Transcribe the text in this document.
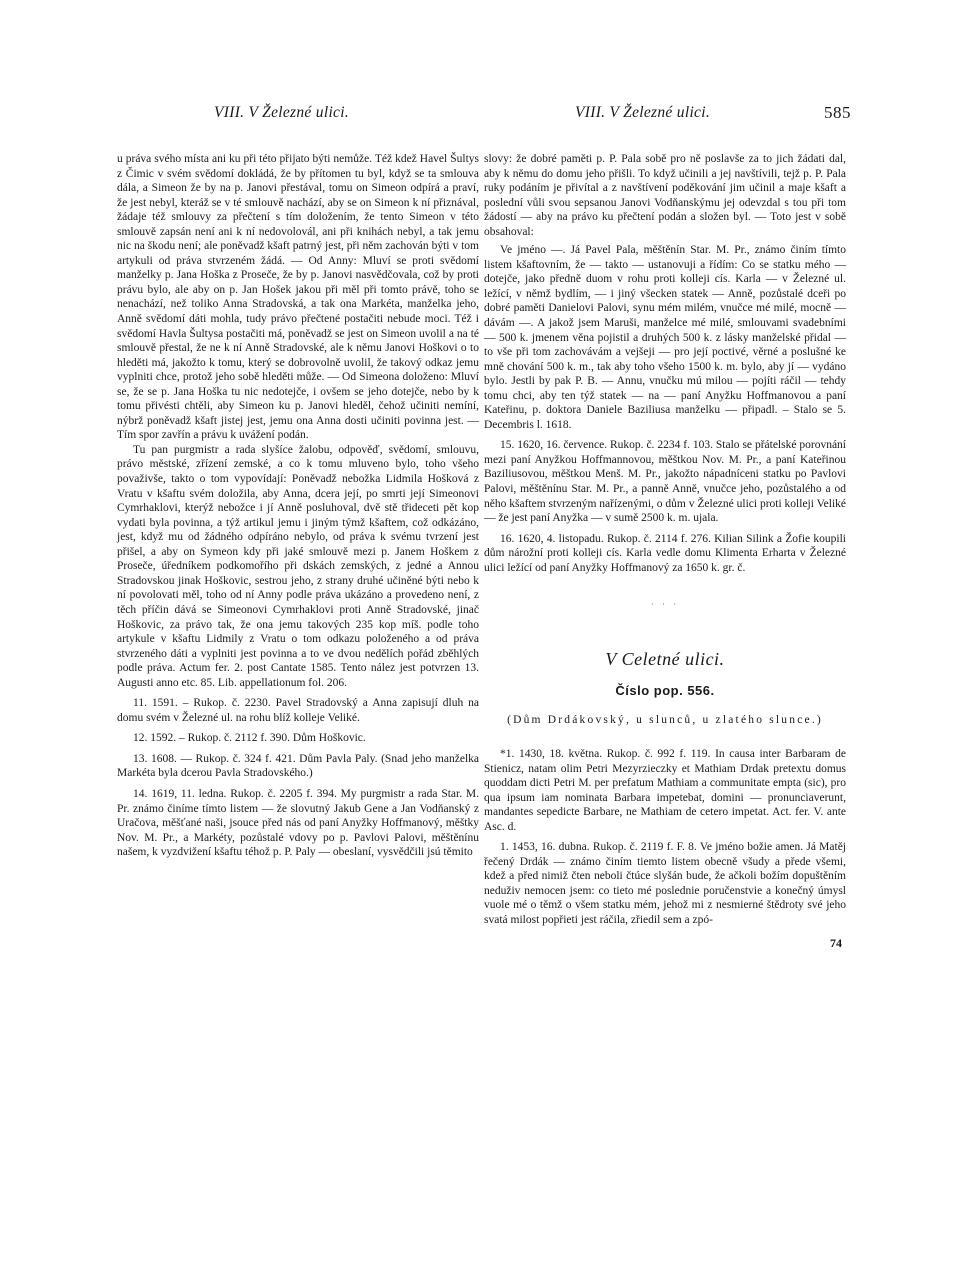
VIII. V Železné ulici.	VIII. V Železné ulici.	585

u práva svého místa ani ku při této přijato býti nemůže. Též kdež Havel Šultys z Čimic v svém svědomí dokládá, že by přítomen tu byl, když se ta smlouva dála, a Simeon že by na p. Janovi přestával, tomu on Simeon odpírá a praví, že jest nebyl, kteráž se v té smlouvě nachází, aby se on Simeon k ní přiznával, žádaje též smlouvy za přečtení s tím doložením, že tento Simeon v této smlouvě zapsán není ani k ní nedovolovál, ani při knihách nebyl, a tak jemu nic na škodu není; ale poněvadž kšaft patrný jest, při něm zachován býti v tom artykuli od práva stvrzeném žádá. — Od Anny: Mluví se proti svědomí manželky p. Jana Hoška z Proseče, že by p. Janovi nasvědčovala, což by proti právu bylo, ale aby on p. Jan Hošek jakou při měl při tomto právě, toho se nenachází, než toliko Anna Stradovská, a tak ona Markéta, manželka jeho, Anně svědomí dáti mohla, tudy právo přečtené postačiti nebude moci. Též i svědomí Havla Šultysa postačiti má, poněvadž se jest on Simeon uvolil a na té smlouvě přestal, že ne k ní Anně Stradovské, ale k němu Janovi Hoškovi o to hleděti má, jakožto k tomu, který se dobrovolně uvolil, že takový odkaz jemu vyplniti chce, protož jeho sobě hleděti může. — Od Simeona doloženo: Mluví se, že se p. Jana Hoška tu nic nedotejče, i ovšem se jeho dotejče, nebo by k tomu přivésti chtěli, aby Simeon ku p. Janovi hleděl, čehož učiniti nemíní, nýbrž poněvadž kšaft jistej jest, jemu ona Anna dosti učiniti povinna jest. — Tím spor zavřín a právu k uvážení podán.

Tu pan purgmistr a rada slyšíce žalobu, odpověď, svědomí, smlouvu, právo městské, zřízení zemské, a co k tomu mluveno bylo, toho všeho považivše, takto o tom vypovídají: Poněvadž nebožka Lidmila Hošková z Vratu v kšaftu svém doložila, aby Anna, dcera její, po smrti její Simeonovi Cymrhaklovi, kterýž nebožce i jí Anně posluhoval, dvě stě třideceti pět kop vydati byla povinna, a týž artikul jemu i jiným týmž kšaftem, což odkázáno, jest, když mu od žádného odpíráno nebylo, od práva k svému tvrzení jest přišel, a aby on Symeon kdy při jaké smlouvě mezi p. Janem Hoškem z Proseče, úředníkem podkomořího při dskách zemských, z jedné a Annou Stradovskou jinak Hoškovic, sestrou jeho, z strany druhé učiněné býti nebo k ní povolovati měl, toho od ní Anny podle práva ukázáno a provedeno není, z těch příčin dává se Simeonovi Cymrhaklovi proti Anně Stradovské, jinač Hoškovic, za právo tak, že ona jemu takových 235 kop míš. podle toho artykule v kšaftu Lidmily z Vratu o tom odkazu položeného a od práva stvrzeného dáti a vyplniti jest povinna a to ve dvou nedělích pořád zběhlých podle práva. Actum fer. 2. post Cantate 1585. Tento nález jest potvrzen 13. Augusti anno etc. 85. Lib. appellationum fol. 206.

11. 1591. – Rukop. č. 2230. Pavel Stradovský a Anna zapisují dluh na domu svém v Železné ul. na rohu blíž kolleje Veliké.

12. 1592. – Rukop. č. 2112 f. 390. Dům Hoškovic.

13. 1608. — Rukop. č. 324 f. 421. Dům Pavla Paly. (Snad jeho manželka Markéta byla dcerou Pavla Stradovského.)

14. 1619, 11. ledna. Rukop. č. 2205 f. 394. My purgmistr a rada Star. M. Pr. známo činíme tímto listem — že slovutný Jakub Gene a Jan Vodňanský z Uračova, měšťané naši, jsouce před nás od paní Anyžky Hoffmanový, měštky Nov. M. Pr., a Markéty, pozůstalé vdovy po p. Pavlovi Palovi, měštěnínu našem, k vyzdvižení kšaftu téhož p. P. Paly — obeslaní, vysvědčili jsú těmito

slovy: že dobré paměti p. P. Pala sobě pro ně poslavše za to jich žádati dal, aby k němu do domu jeho přišli. To když učinili a jej navštívili, tejž p. P. Pala ruky podáním je přivítal a z navštívení poděkování jim učinil a maje kšaft a poslední vůli svou sepsanou Janovi Vodňanskýmu jej odevzdal s tou při tom žádostí — aby na právo ku přečtení podán a složen byl. — Toto jest v sobě obsahoval:

Ve jméno —. Já Pavel Pala, měštěnín Star. M. Pr., známo činím tímto listem kšaftovním, že — takto — ustanovuji a řídím: Co se statku mého — dotejče, jako předně duom v rohu proti kolleji cís. Karla — v Železné ul. ležící, v němž bydlím, — i jiný všecken statek — Anně, pozůstalé dceři po dobré paměti Danielovi Palovi, synu mém milém, vnučce mé milé, mocně — dávám —. A jakož jsem Maruši, manželce mé milé, smlouvami svadebními — 500 k. jmenem věna pojistil a druhých 500 k. z lásky manželské přidal — to vše při tom zachovávám a vejšeji — pro její poctivé, věrné a poslušné ke mně chování 500 k. m., tak aby toho všeho 1500 k. m. bylo, aby jí — vydáno bylo. Jestli by pak P. B. — Annu, vnučku mú milou — pojíti ráčil — tehdy tomu chci, aby ten týž statek — na — paní Anyžku Hoffmanovou a paní Kateřinu, p. doktora Daniele Baziliusa manželku — připadl. – Stalo se 5. Decembris l. 1618.

15. 1620, 16. července. Rukop. č. 2234 f. 103. Stalo se přátelské porovnání mezi paní Anyžkou Hoffmannovou, měštkou Nov. M. Pr., a paní Kateřinou Baziliusovou, měštkou Menš. M. Pr., jakožto nápadníceni statku po Pavlovi Palovi, měštěnínu Star. M. Pr., a panně Anně, vnučce jeho, pozůstalého a od něho kšaftem stvrzeným nařízenými, o dům v Železné ulici proti kolleji Veliké — že jest paní Anyžka — v sumě 2500 k. m. ujala.

16. 1620, 4. listopadu. Rukop. č. 2114 f. 276. Kilian Silink a Žofie koupili dům nárožní proti kolleji cís. Karla vedle domu Klimenta Erharta v Železné ulici ležící od paní Anyžky Hoffmanový za 1650 k. gr. č.

· · ·
V Celetné ulici.
Číslo pop. 556.
(Dům Drdákovský, u slunců, u zlatého slunce.)

*1. 1430, 18. května. Rukop. č. 992 f. 119. In causa inter Barbaram de Stienicz, natam olim Petri Mezyrzieczky et Mathiam Drdak pretextu domus quoddam dicti Petri M. per prefatum Mathiam a communitate empta (sic), pro qua ipsum iam nominata Barbara impetebat, domini — pronunciaverunt, mandantes sepedicte Barbare, ne Mathiam de cetero impetat. Act. fer. V. ante Asc. d.

1. 1453, 16. dubna. Rukop. č. 2119 f. F. 8. Ve jméno božie amen. Já Matěj řečený Drdák — známo činím tiemto listem obecně všudy a přede všemi, kdež a před nimiž čten neboli čtúce slyšán bude, že ačkoli božím dopuštěním neduživ nemocen jsem: co tieto mé poslednie poručenstvie a konečný úmysl vuole mé o těmž o všem statku mém, jehož mi z nesmierné štědroty své jeho svatá milost popřieti jest ráčila, zřiedil sem a zpó-

74
